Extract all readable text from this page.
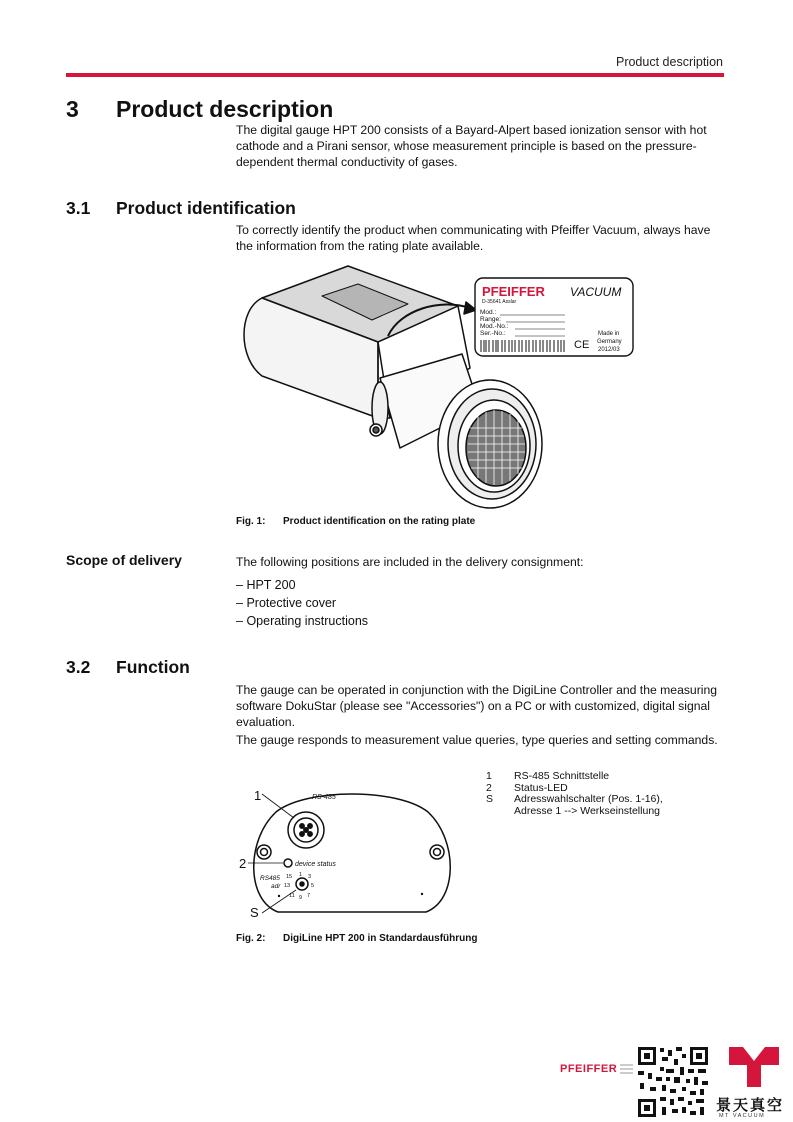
Product description
3 Product description
The digital gauge HPT 200 consists of a Bayard-Alpert based ionization sensor with hot cathode and a Pirani sensor, whose measurement principle is based on the pressure-dependent thermal conductivity of gases.
3.1 Product identification
To correctly identify the product when communicating with Pfeiffer Vacuum, always have the information from the rating plate available.
PFEIFFER VACUUM
D-35641 Asslar
Mod.:
Range:
Mod.-No.:
Ser.-No.:
CE
Made in
Germany
2012/03
Fig. 1: Product identification on the rating plate
Scope of delivery	The following positions are included in the delivery consignment:
– HPT 200
– Protective cover
– Operating instructions
3.2 Function
The gauge can be operated in conjunction with the DigiLine Controller and the measuring software DokuStar (please see "Accessories") on a PC or with customized, digital signal evaluation.
The gauge responds to measurement value queries, type queries and setting commands.
1
2
S
RS-485
device status
RS485
adr
15 1 3
13	5
11 9 7
1	RS-485 Schnittstelle
2	Status-LED
S	Adresswahlschalter (Pos. 1-16), Adresse 1 --> Werkseinstellung
Fig. 2: DigiLine HPT 200 in Standardausführung
PFEIFFER
景天真空
M T   V A C U U M
